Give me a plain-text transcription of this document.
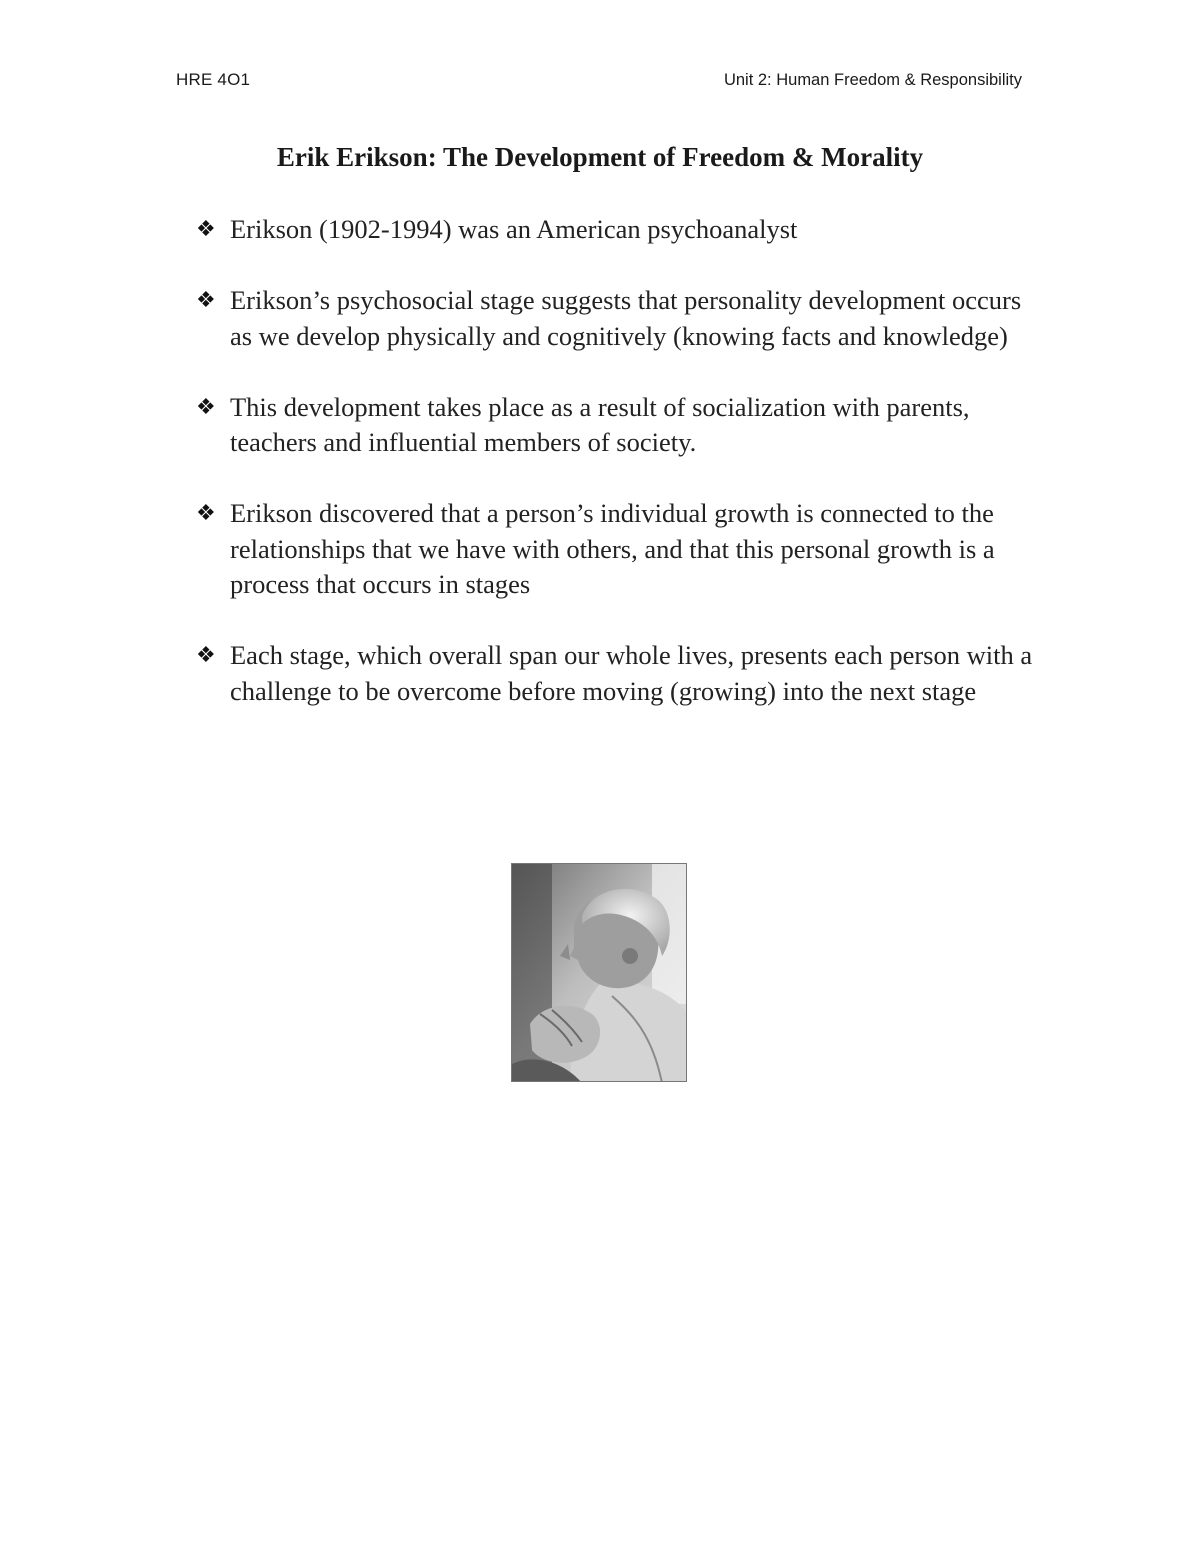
HRE 4O1	Unit 2: Human Freedom & Responsibility
Erik Erikson: The Development of Freedom & Morality
❖ Erikson (1902-1994) was an American psychoanalyst
❖ Erikson’s psychosocial stage suggests that personality development occurs as we develop physically and cognitively (knowing facts and knowledge)
❖ This development takes place as a result of socialization with parents, teachers and influential members of society.
❖ Erikson discovered that a person’s individual growth is connected to the relationships that we have with others, and that this personal growth is a process that occurs in stages
❖ Each stage, which overall span our whole lives, presents each person with a challenge to be overcome before moving (growing) into the next stage
